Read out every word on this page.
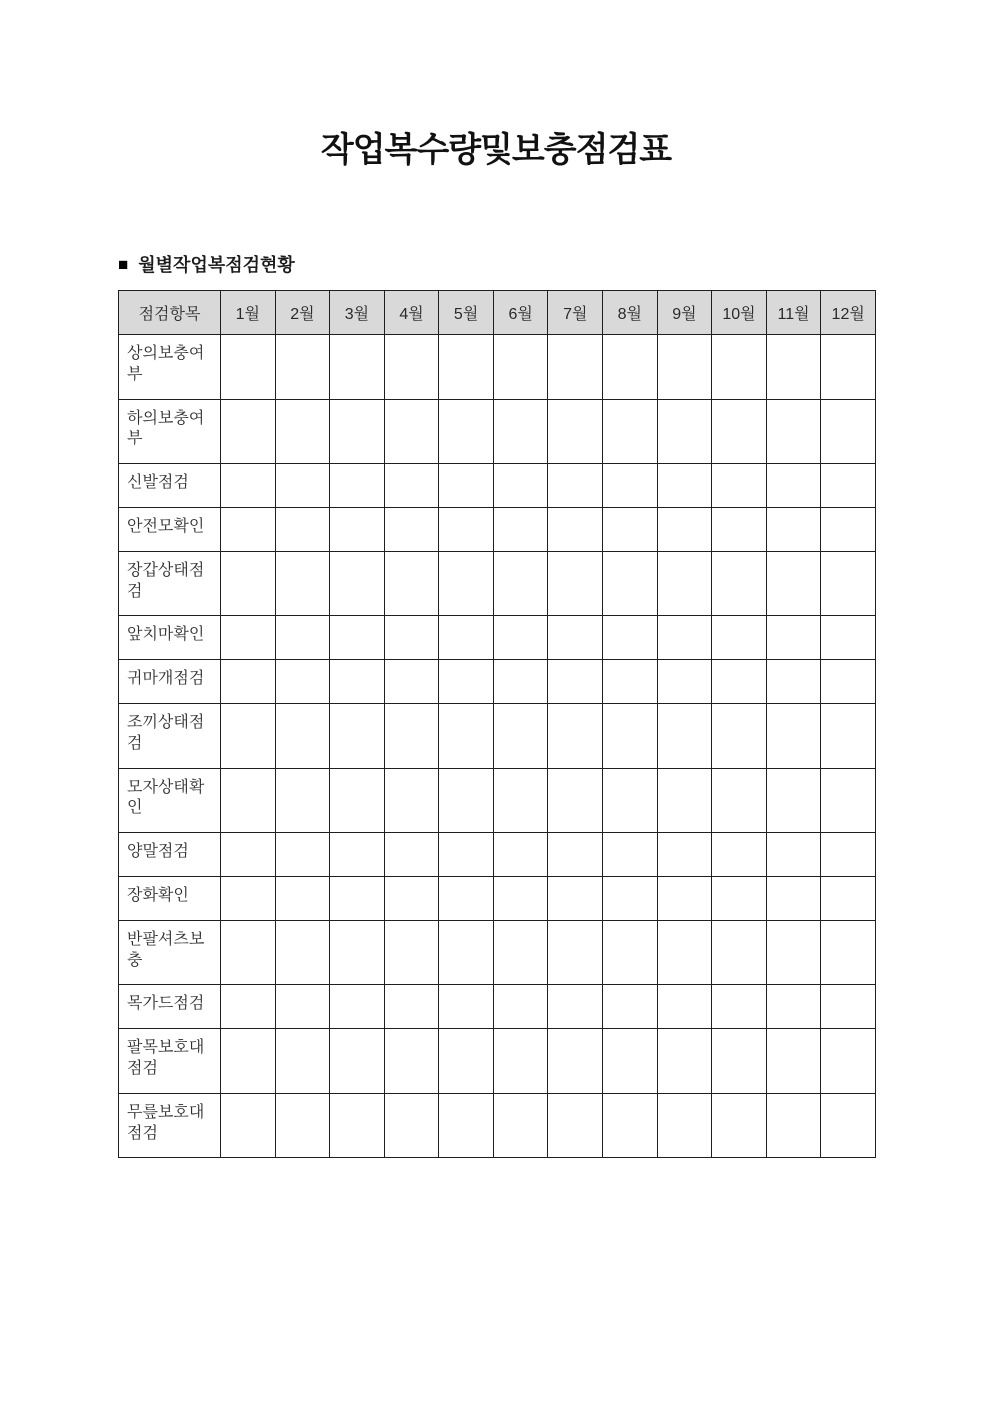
작업복수량및보충점검표
■ 월별작업복점검현황
점검항목	1월	2월	3월	4월	5월	6월	7월	8월	9월	10월	11월	12월
상의보충여부												
하의보충여부												
신발점검												
안전모확인												
장갑상태점검												
앞치마확인												
귀마개점검												
조끼상태점검												
모자상태확인												
양말점검												
장화확인												
반팔셔츠보충												
목가드점검												
팔목보호대점검												
무릎보호대점검												
